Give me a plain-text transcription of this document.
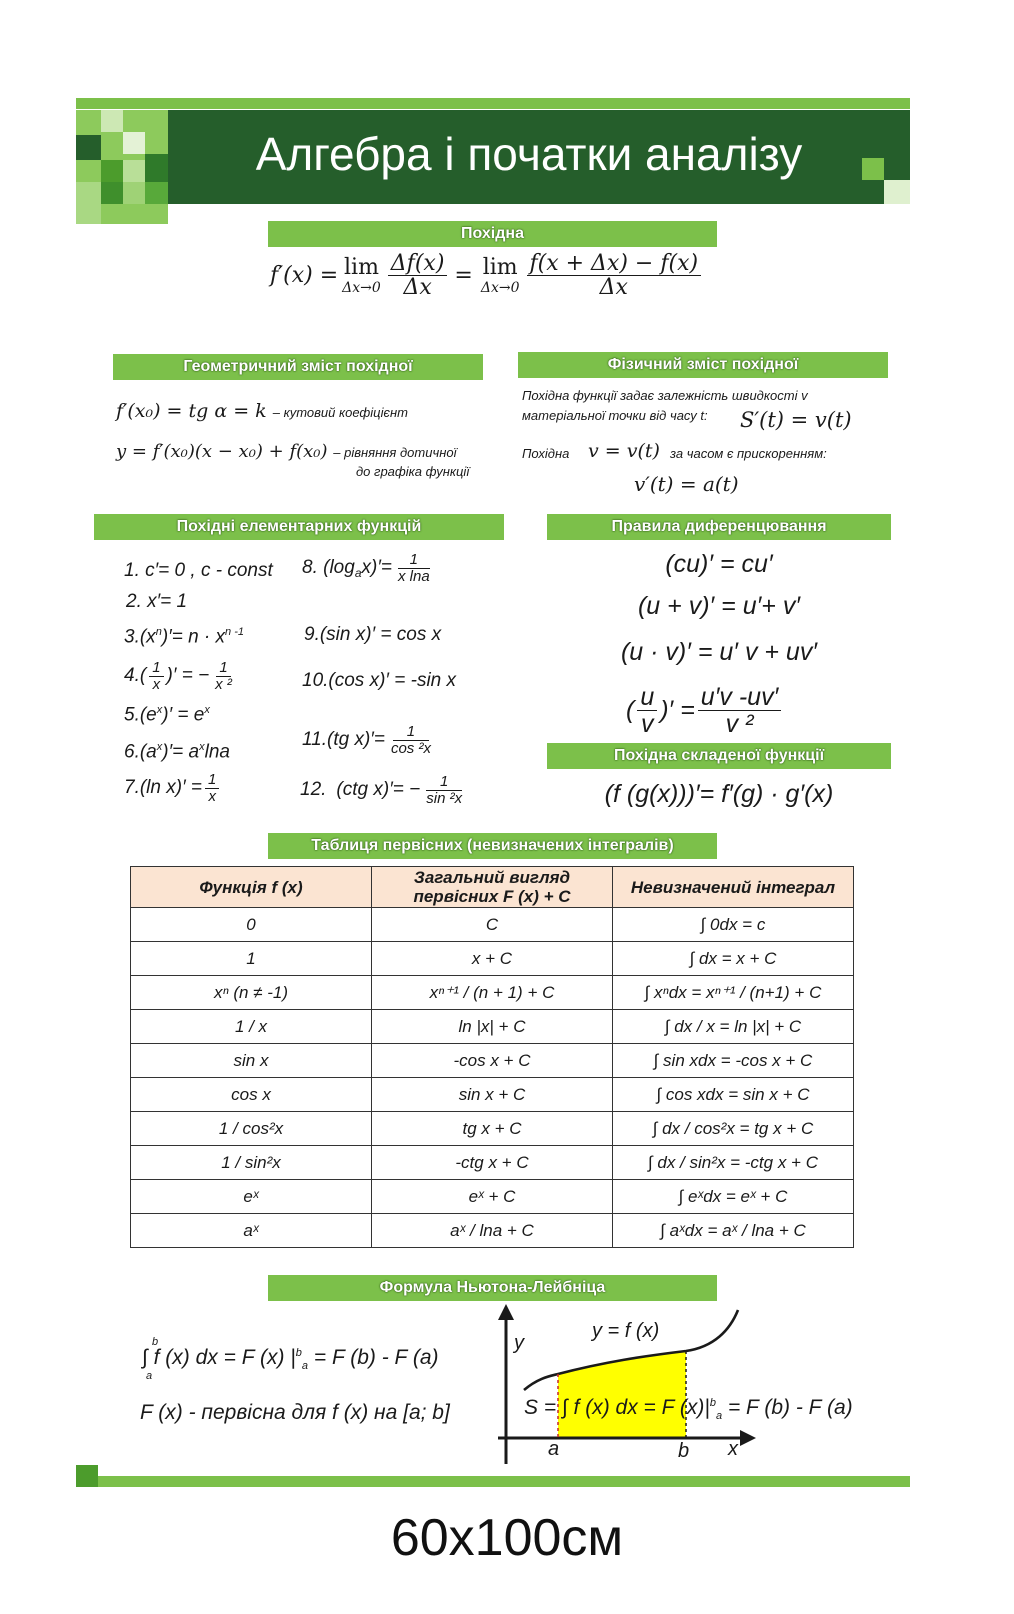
Алгебра і початки аналізу
Похідна
f′(x) = lim
$\Delta x\to 0 \frac{\Delta f(x)}{\Delta x} = \lim$
$\Delta x\to 0 \frac{f(x + \Delta x) - f(x)}{\Delta x}$
Геометричний зміст похідної
f′(x₀) = tg α = k – кутовий коефіцієнт
y = f′(x₀)(x − x₀) + f(x₀) – рівняння дотичної
до графіка функції
Фізичний зміст похідної
Похідна функції задає залежність швидкості v
матеріальної точки від часу t: S′(t) = v(t)
Похідна v = v(t) за часом є прискоренням:
v′(t) = a(t)
Похідні елементарних функцій
1. c′= 0 , c - const
2. x′= 1
$3.(x^n)'= n \cdot x^{n -1}$
4. ( $\frac{1}{x}$ ) ′ = − $\frac{1}{\text{x ²}}$
$5.(e^x)' = e^x$
$6.(a^x)'= a^x\ln a$
7.(ln $x)' = \frac{1}{x}$
8. (log a $x)'= \frac{1}{\text{x lna}}$
9.(sin x)′ = cos x
10.(cos x)′ = -sin x
11.(tg $x)'= \frac{1}{\text{cos ²x}}$
12. (ctg $x)'= - \frac{1}{\text{sin ²x}}$
Правила диференцювання
(cu)′ = cu′
(u + v)′ = u′+ v′
(u · v)′ = u′ v + uv′
( $\frac{u}{v}$ )′ = $\frac{u'v -uv'}{\text{v ²}}$
Похідна складеної функції
(f (g(x)))′= f′(g) · g′(x)
Таблиця первісних (невизначених інтегралів)
Функція f (x)	Загальний вигляд первісних F (x) + C	Невизначений інтеграл
0	C	∫ 0dx = c
1	x + C	∫ dx = x + C
xⁿ (n ≠ -1)	xⁿ⁺¹ / (n + 1) + C	∫ xⁿdx = xⁿ⁺¹ / (n+1) + C
1 / x	ln |x| + C	∫ dx / x = ln |x| + C
sin x	-cos x + C	∫ sin xdx = -cos x + C
cos x	sin x + C	∫ cos xdx = sin x + C
1 / cos²x	tg x + C	∫ dx / cos²x = tg x + C
1 / sin²x	-ctg x + C	∫ dx / sin²x = -ctg x + C
eˣ	eˣ + C	∫ eˣdx = eˣ + C
aˣ	aˣ / lna + C	∫ aˣdx = aˣ / lna + C
Формула Ньютона-Лейбніца
b
a
∫ f (x) dx = F (x) $|^b_a = F$ (b) - F (a)
F (x) - первісна для f (x) на [a; b]
y
x
a	b
y = f (x)
S = ∫ f (x) dx = F $(x)|^b_a = F$ (b) - F (a)
60x100см
